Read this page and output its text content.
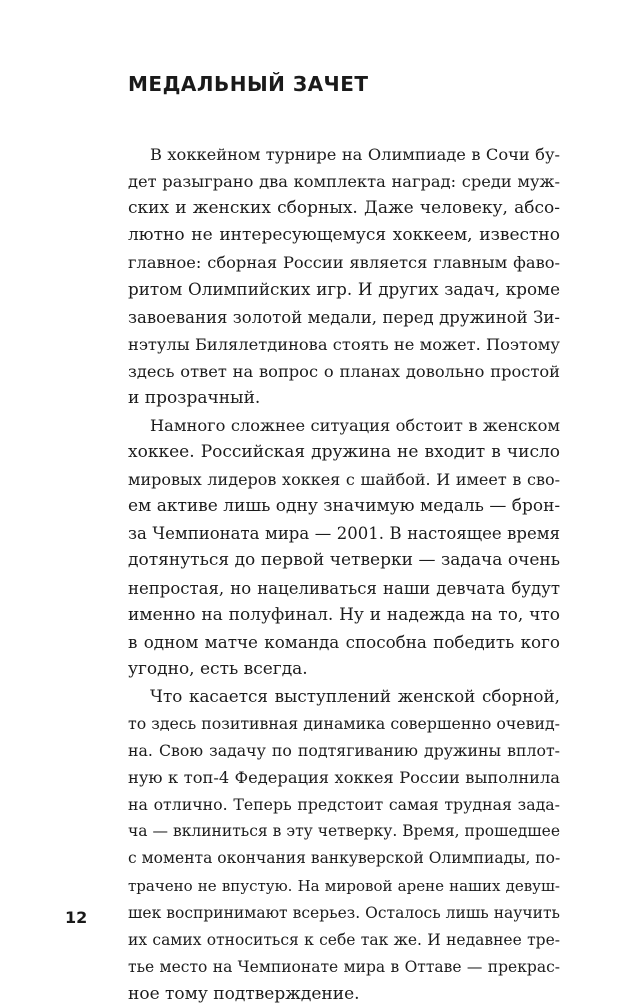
МЕДАЛЬНЫЙ ЗАЧЕТ

В хоккейном турнире на Олимпиаде в Сочи бу-
дет разыграно два комплекта наград: среди муж-
ских и женских сборных. Даже человеку, абсо-
лютно не интересующемуся хоккеем, известно
главное: сборная России является главным фаво-
ритом Олимпийских игр. И других задач, кроме
завоевания золотой медали, перед дружиной Зи-
нэтулы Билялетдинова стоять не может. Поэтому
здесь ответ на вопрос о планах довольно простой
и прозрачный.

Намного сложнее ситуация обстоит в женском
хоккее. Российская дружина не входит в число
мировых лидеров хоккея с шайбой. И имеет в сво-
ем активе лишь одну значимую медаль — брон-
за Чемпионата мира — 2001. В настоящее время
дотянуться до первой четверки — задача очень
непростая, но нацеливаться наши девчата будут
именно на полуфинал. Ну и надежда на то, что
в одном матче команда способна победить кого
угодно, есть всегда.

Что касается выступлений женской сборной,
то здесь позитивная динамика совершенно очевид-
на. Свою задачу по подтягиванию дружины вплот-
ную к топ-4 Федерация хоккея России выполнила
на отлично. Теперь предстоит самая трудная зада-
ча — вклиниться в эту четверку. Время, прошедшее
с момента окончания ванкуверской Олимпиады, по-
трачено не впустую. На мировой арене наших девуш-
шек воспринимают всерьез. Осталось лишь научить
их самих относиться к себе так же. И недавнее тре-
тье место на Чемпионате мира в Оттаве — прекрас-
ное тому подтверждение.

12
